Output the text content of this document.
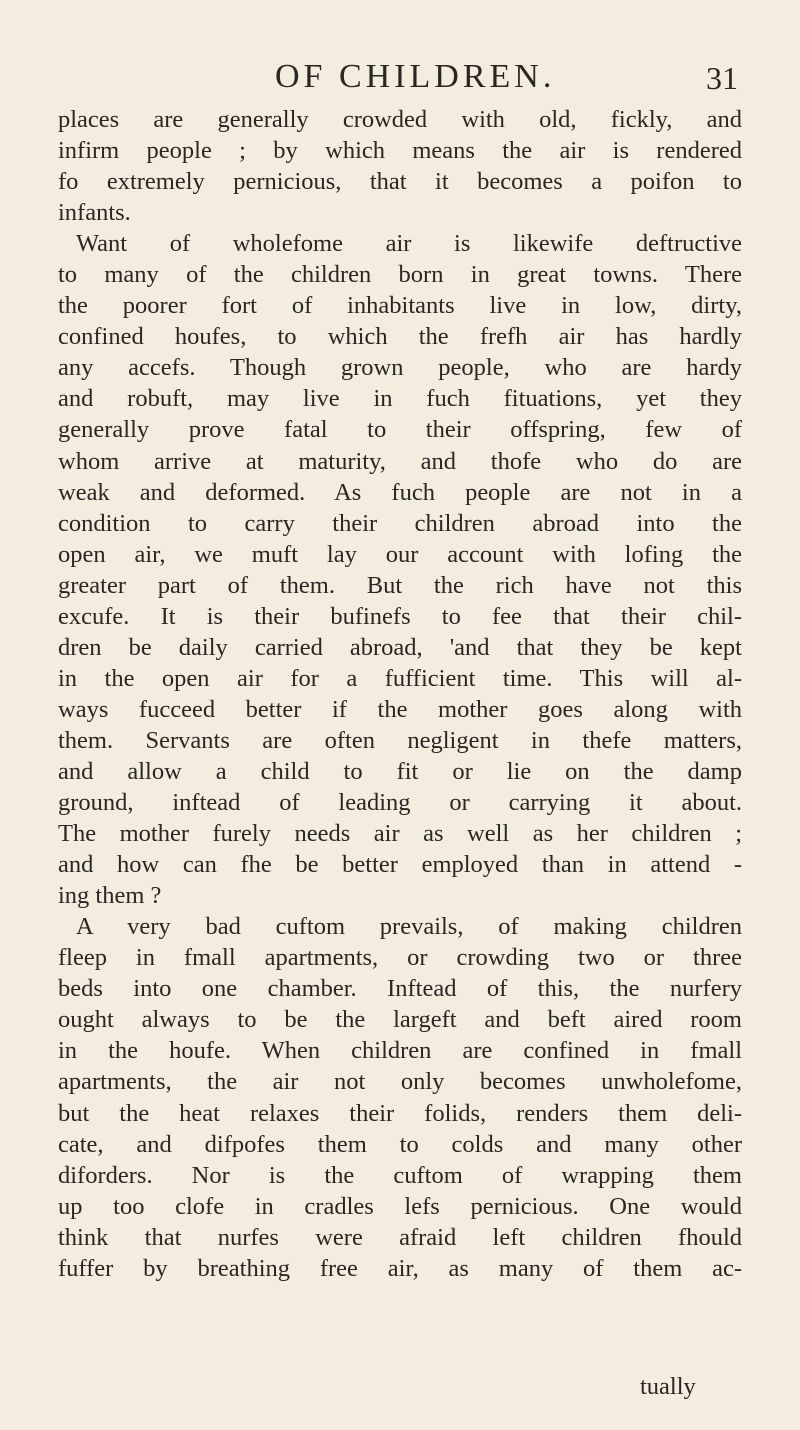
OF CHILDREN.	31
places are generally crowded with old, fickly, and
infirm people ; by which means the air is rendered
fo extremely pernicious, that it becomes a poifon to
infants.
Want of wholefome air is likewife deftructive
to many of the children born in great towns. There
the poorer fort of inhabitants live in low, dirty,
confined houfes, to which the frefh air has hardly
any accefs. Though grown people, who are hardy
and robuft, may live in fuch fituations, yet they
generally prove fatal to their offspring, few of
whom arrive at maturity, and thofe who do are
weak and deformed. As fuch people are not in a
condition to carry their children abroad into the
open air, we muft lay our account with lofing the
greater part of them. But the rich have not this
excufe. It is their bufinefs to fee that their chil-
dren be daily carried abroad, 'and that they be kept
in the open air for a fufficient time. This will al-
ways fucceed better if the mother goes along with
them. Servants are often negligent in thefe matters,
and allow a child to fit or lie on the damp
ground, inftead of leading or carrying it about.
The mother furely needs air as well as her children ;
and how can fhe be better employed than in attend -
ing them ?
A very bad cuftom prevails, of making children
fleep in fmall apartments, or crowding two or three
beds into one chamber. Inftead of this, the nurfery
ought always to be the largeft and beft aired room
in the houfe. When children are confined in fmall
apartments, the air not only becomes unwholefome,
but the heat relaxes their folids, renders them deli-
cate, and difpofes them to colds and many other
diforders. Nor is the cuftom of wrapping them
up too clofe in cradles lefs pernicious. One would
think that nurfes were afraid left children fhould
fuffer by breathing free air, as many of them ac-
tually
